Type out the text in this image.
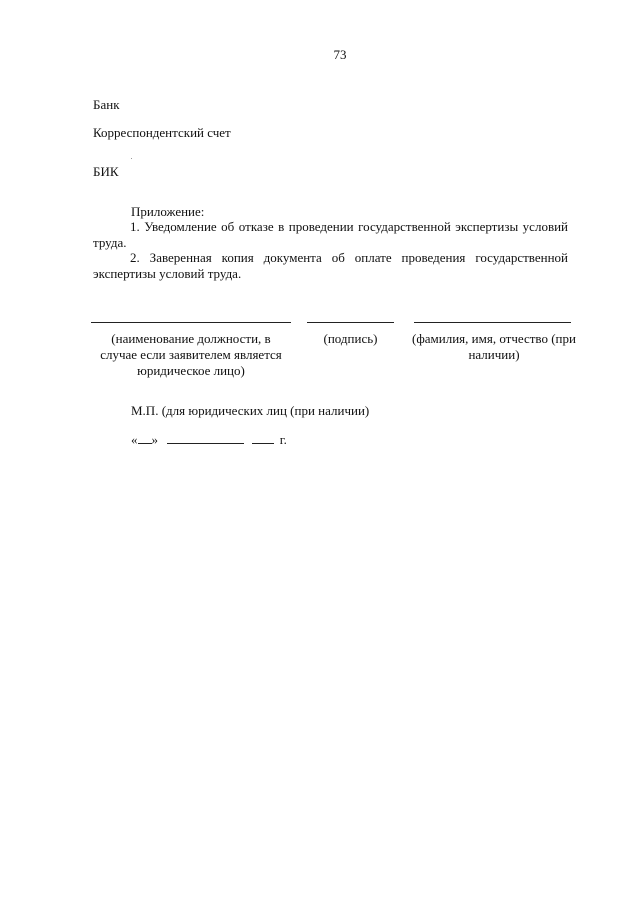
73
Банк
Корреспондентский счет
БИК
Приложение:
1. Уведомление об отказе в проведении государственной экспертизы условий труда.
2. Заверенная копия документа об оплате проведения государственной экспертизы условий труда.
(наименование должности, в случае если заявителем является юридическое лицо)
(подпись)	(фамилия, имя, отчество (при наличии)
М.П. (для юридических лиц (при наличии)
« »	г.
